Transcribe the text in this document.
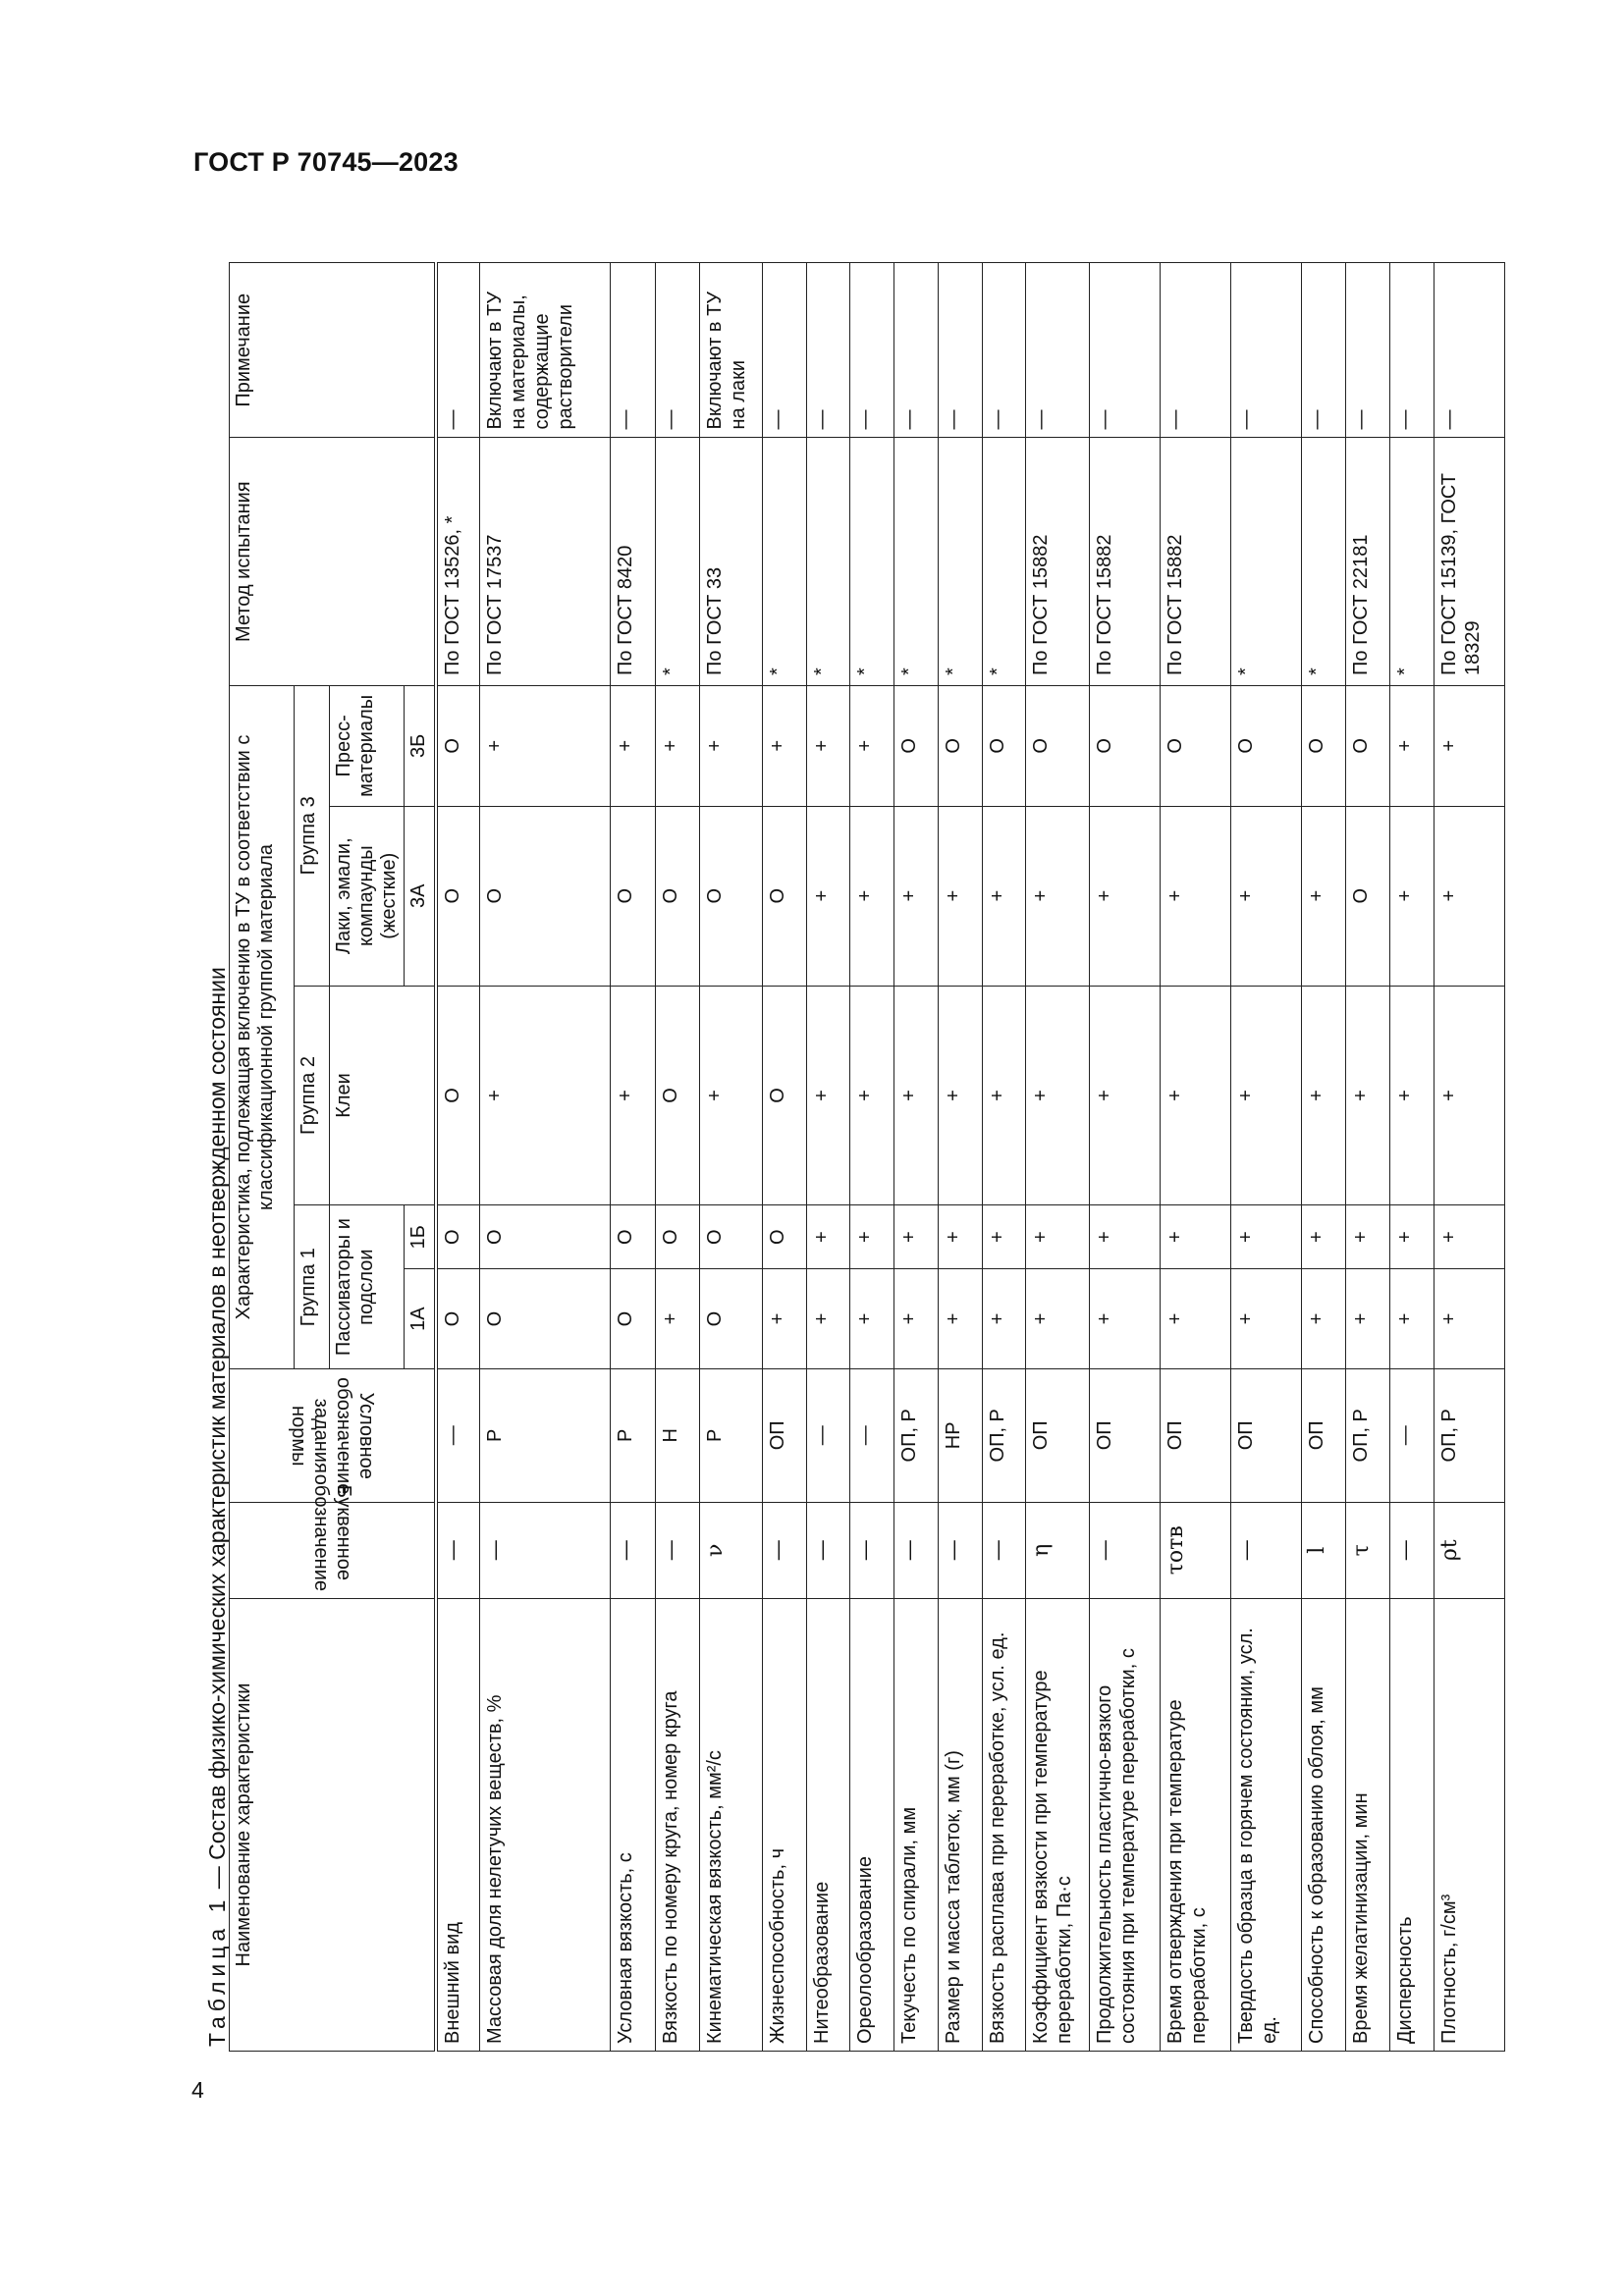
ГОСТ Р 70745—2023
4
Таблица 1 — Состав физико-химических характеристик материалов в неотвержденном состоянии Наименование характеристики	Буквенное обозначение	Условное обозначение задания нормы	Характеристика, подлежащая включению в ТУ в соответствии с классификационной группой материала					Метод испытания	Примечание
			Группа 1		Группа 2	Группа 3			
			Пассиваторы и подслои		Клеи	Лаки, эмали, компаунды (жесткие)	Пресс-материалы		
			1А	1Б		3А	3Б		
Внешний вид	—	—	О	О	О	О	О	По ГОСТ 13526, *	—
Массовая доля нелетучих веществ, %	—	Р	О	О	+	О	+	По ГОСТ 17537	Включают в ТУ на материалы, содержащие растворители
Условная вязкость, с	—	Р	О	О	+	О	+	По ГОСТ 8420	—
Вязкость по номеру круга, номер круга	—	Н	+	О	О	О	+	*	—
Кинематическая вязкость, мм²/с	ν	Р	О	О	+	О	+	По ГОСТ 33	Включают в ТУ на лаки
Жизнеспособность, ч	—	ОП	+	О	О	О	+	*	—
Нитеобразование	—	—	+	+	+	+	+	*	—
Ореолообразование	—	—	+	+	+	+	+	*	—
Текучесть по спирали, мм	—	ОП, Р	+	+	+	+	О	*	—
Размер и масса таблеток, мм (г)	—	НР	+	+	+	+	О	*	—
Вязкость расплава при переработке, усл. ед.	—	ОП, Р	+	+	+	+	О	*	—
Коэффициент вязкости при температуре переработки, Па·с	η	ОП	+	+	+	+	О	По ГОСТ 15882	—
Продолжительность пластично-вязкого состояния при температуре переработки, с	—	ОП	+	+	+	+	О	По ГОСТ 15882	—
Время отверждения при температуре переработки, с	τотв	ОП	+	+	+	+	О	По ГОСТ 15882	—
Твердость образца в горячем состоянии, усл. ед.	—	ОП	+	+	+	+	О	*	—
Способность к образованию облоя, мм	l	ОП	+	+	+	+	О	*	—
Время желатинизации, мин	τ	ОП, Р	+	+	+	О	О	По ГОСТ 22181	—
Дисперсность	—	—	+	+	+	+	+	*	—
Плотность, г/см³	ρt	ОП, Р	+	+	+	+	+	По ГОСТ 15139, ГОСТ 18329	—
